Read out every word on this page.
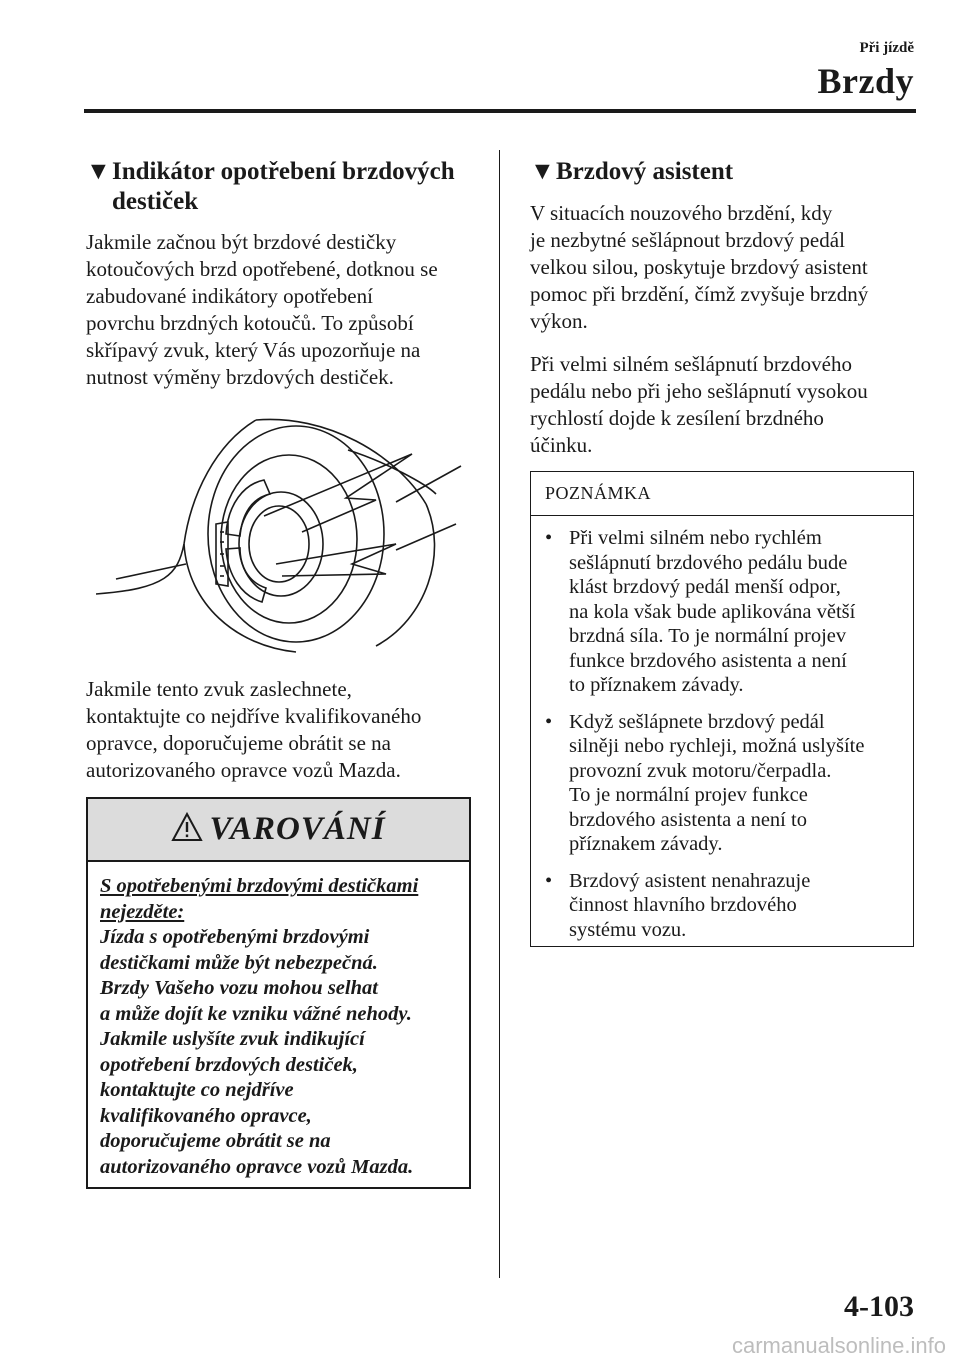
Při jízdě
Brzdy
▼Indikátor opotřebení brzdových
destiček
Jakmile začnou být brzdové destičky
kotoučových brzd opotřebené, dotknou se
zabudované indikátory opotřebení
povrchu brzdných kotoučů. To způsobí
skřípavý zvuk, který Vás upozorňuje na
nutnost výměny brzdových destiček.
Jakmile tento zvuk zaslechnete,
kontaktujte co nejdříve kvalifikovaného
opravce, doporučujeme obrátit se na
autorizovaného opravce vozů Mazda.
VAROVÁNÍ
S opotřebenými brzdovými destičkami
nejezděte:
Jízda s opotřebenými brzdovými
destičkami může být nebezpečná.
Brzdy Vašeho vozu mohou selhat
a může dojít ke vzniku vážné nehody.
Jakmile uslyšíte zvuk indikující
opotřebení brzdových destiček,
kontaktujte co nejdříve
kvalifikovaného opravce,
doporučujeme obrátit se na
autorizovaného opravce vozů Mazda.
▼Brzdový asistent
V situacích nouzového brzdění, kdy
je nezbytné sešlápnout brzdový pedál
velkou silou, poskytuje brzdový asistent
pomoc při brzdění, čímž zvyšuje brzdný
výkon.
Při velmi silném sešlápnutí brzdového
pedálu nebo při jeho sešlápnutí vysokou
rychlostí dojde k zesílení brzdného
účinku.
POZNÁMKA
• Při velmi silném nebo rychlém
sešlápnutí brzdového pedálu bude
klást brzdový pedál menší odpor,
na kola však bude aplikována větší
brzdná síla. To je normální projev
funkce brzdového asistenta a není
to příznakem závady.
• Když sešlápnete brzdový pedál
silněji nebo rychleji, možná uslyšíte
provozní zvuk motoru/čerpadla.
To je normální projev funkce
brzdového asistenta a není to
příznakem závady.
• Brzdový asistent nenahrazuje
činnost hlavního brzdového
systému vozu.
4-103
carmanualsonline.info
